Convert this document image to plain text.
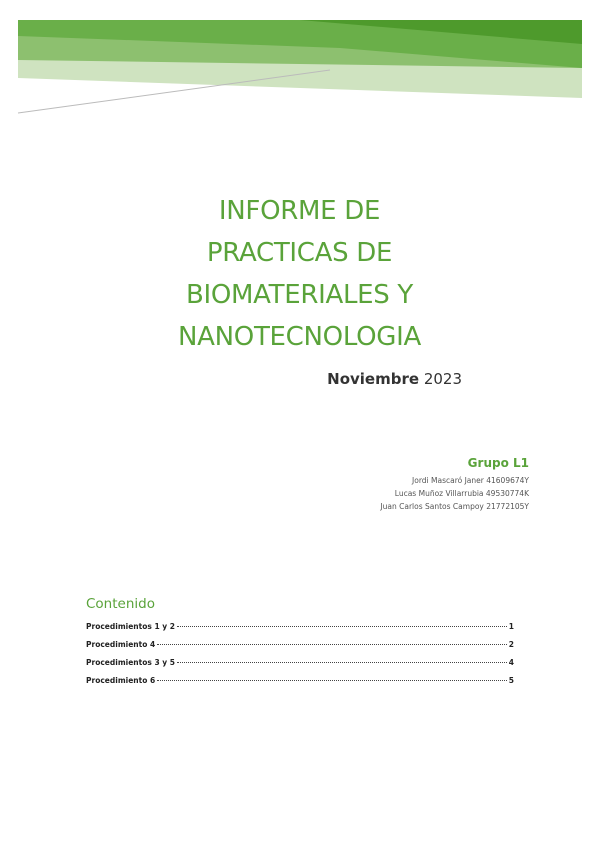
INFORME DE
PRACTICAS DE
BIOMATERIALES Y
NANOTECNOLOGIA
Noviembre 2023
Grupo L1
Jordi Mascaró Janer 41609674Y
Lucas Muñoz Villarrubia 49530774K
Juan Carlos Santos Campoy 21772105Y
Contenido
Procedimientos 1 y 2	1
Procedimiento 4	2
Procedimientos 3 y 5	4
Procedimiento 6	5
